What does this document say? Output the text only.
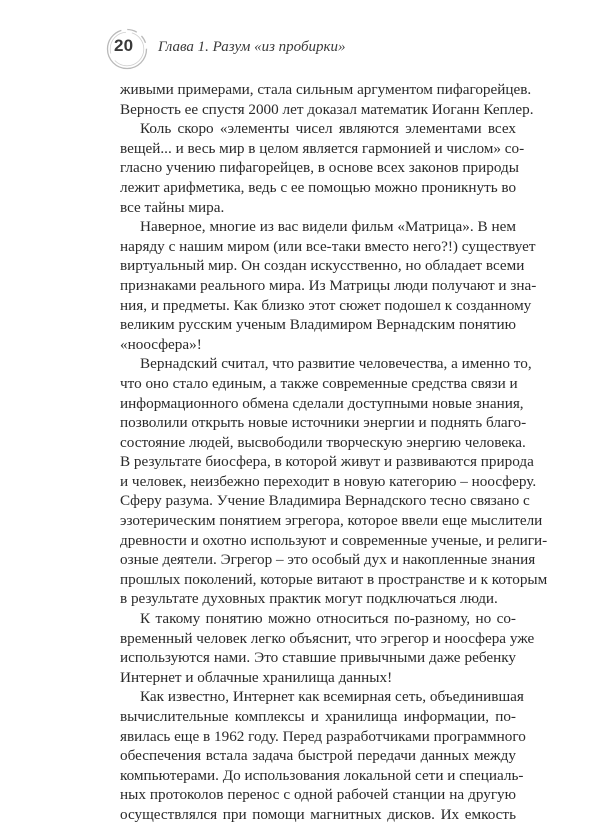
20 Глава 1. Разум «из пробирки»
живыми примерами, стала сильным аргументом пифагорейцев.
Верность ее спустя 2000 лет доказал математик Иоганн Кеплер.
Коль скоро «элементы чисел являются элементами всех
вещей... и весь мир в целом является гармонией и числом» со-
гласно учению пифагорейцев, в основе всех законов природы
лежит арифметика, ведь с ее помощью можно проникнуть во
все тайны мира.
Наверное, многие из вас видели фильм «Матрица». В нем
наряду с нашим миром (или все-таки вместо него?!) существует
виртуальный мир. Он создан искусственно, но обладает всеми
признаками реального мира. Из Матрицы люди получают и зна-
ния, и предметы. Как близко этот сюжет подошел к созданному
великим русским ученым Владимиром Вернадским понятию
«ноосфера»!
Вернадский считал, что развитие человечества, а именно то,
что оно стало единым, а также современные средства связи и
информационного обмена сделали доступными новые знания,
позволили открыть новые источники энергии и поднять благо-
состояние людей, высвободили творческую энергию человека.
В результате биосфера, в которой живут и развиваются природа
и человек, неизбежно переходит в новую категорию – ноосферу.
Сферу разума. Учение Владимира Вернадского тесно связано с
эзотерическим понятием эгрегора, которое ввели еще мыслители
древности и охотно используют и современные ученые, и религи-
озные деятели. Эгрегор – это особый дух и накопленные знания
прошлых поколений, которые витают в пространстве и к которым
в результате духовных практик могут подключаться люди.
К такому понятию можно относиться по-разному, но со-
временный человек легко объяснит, что эгрегор и ноосфера уже
используются нами. Это ставшие привычными даже ребенку
Интернет и облачные хранилища данных!
Как известно, Интернет как всемирная сеть, объединившая
вычислительные комплексы и хранилища информации, по-
явилась еще в 1962 году. Перед разработчиками программного
обеспечения встала задача быстрой передачи данных между
компьютерами. До использования локальной сети и специаль-
ных протоколов перенос с одной рабочей станции на другую
осуществлялся при помощи магнитных дисков. Их емкость
